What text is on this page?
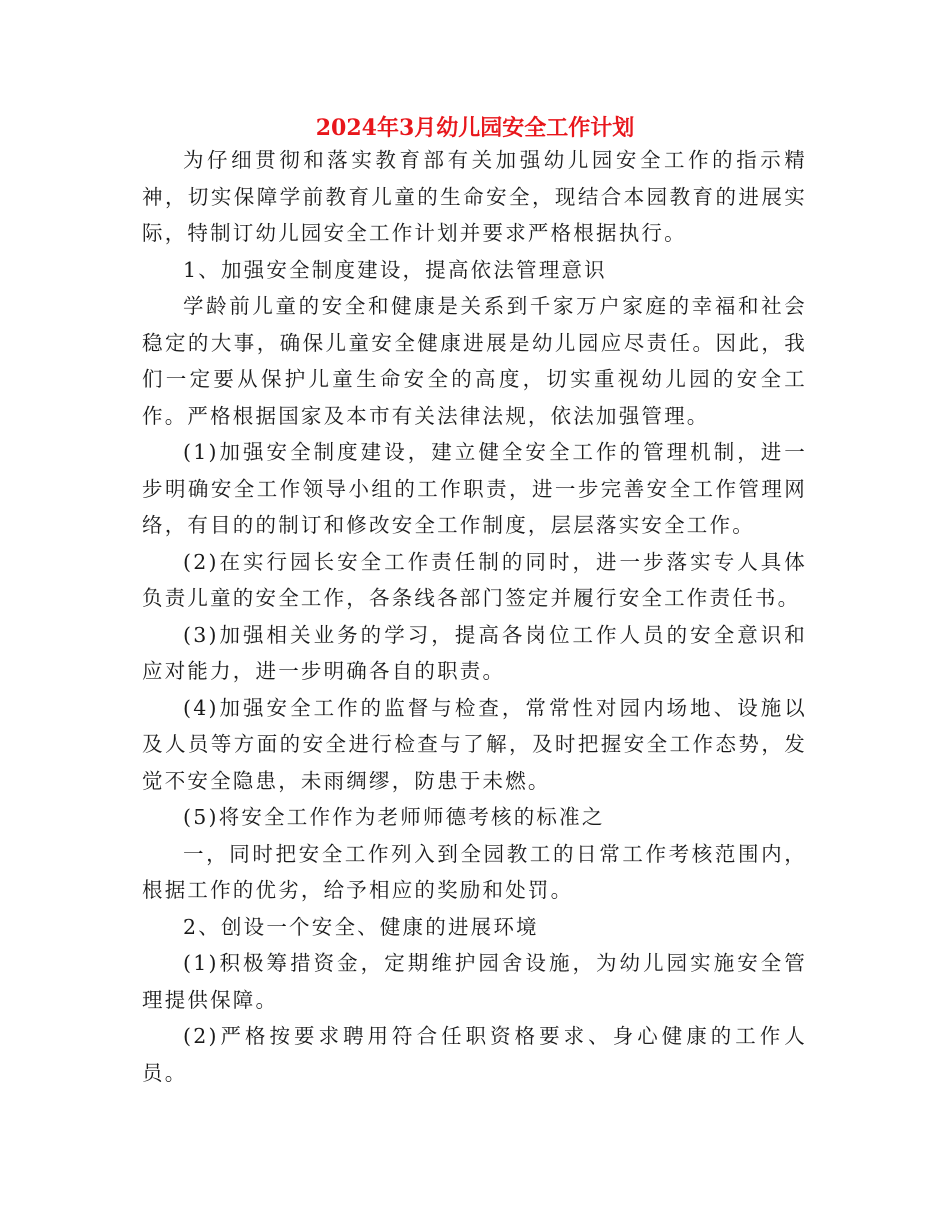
2024年3月幼儿园安全工作计划

为仔细贯彻和落实教育部有关加强幼儿园安全工作的指示精神，切实保障学前教育儿童的生命安全，现结合本园教育的进展实际，特制订幼儿园安全工作计划并要求严格根据执行。

1、加强安全制度建设，提高依法管理意识

学龄前儿童的安全和健康是关系到千家万户家庭的幸福和社会稳定的大事，确保儿童安全健康进展是幼儿园应尽责任。因此，我们一定要从保护儿童生命安全的高度，切实重视幼儿园的安全工作。严格根据国家及本市有关法律法规，依法加强管理。

(1)加强安全制度建设，建立健全安全工作的管理机制，进一步明确安全工作领导小组的工作职责，进一步完善安全工作管理网络，有目的的制订和修改安全工作制度，层层落实安全工作。

(2)在实行园长安全工作责任制的同时，进一步落实专人具体负责儿童的安全工作，各条线各部门签定并履行安全工作责任书。

(3)加强相关业务的学习，提高各岗位工作人员的安全意识和应对能力，进一步明确各自的职责。

(4)加强安全工作的监督与检查，常常性对园内场地、设施以及人员等方面的安全进行检查与了解，及时把握安全工作态势，发觉不安全隐患，未雨绸缪，防患于未燃。

(5)将安全工作作为老师师德考核的标准之

一，同时把安全工作列入到全园教工的日常工作考核范围内，根据工作的优劣，给予相应的奖励和处罚。

2、创设一个安全、健康的进展环境

(1)积极筹措资金，定期维护园舍设施，为幼儿园实施安全管理提供保障。

(2)严格按要求聘用符合任职资格要求、身心健康的工作人员。
